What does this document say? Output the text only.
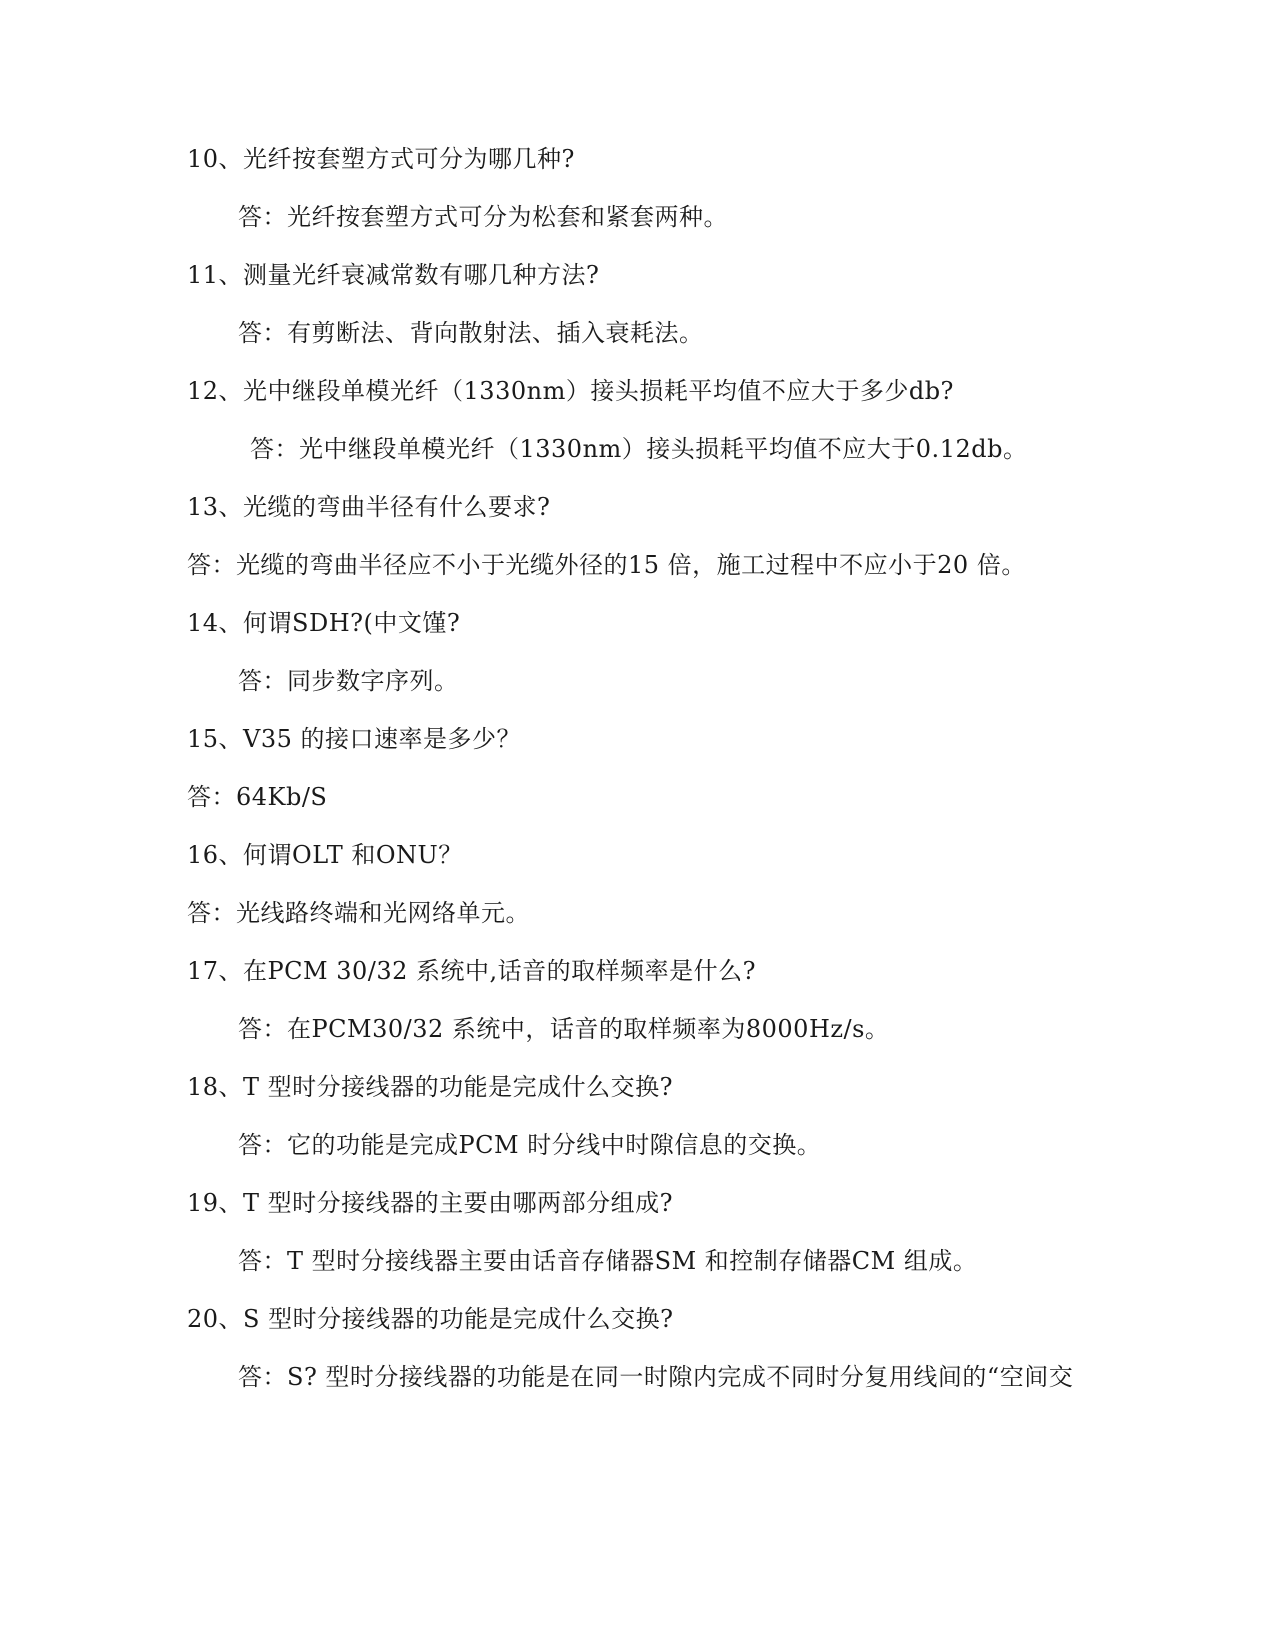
10、光纤按套塑方式可分为哪几种?
答：光纤按套塑方式可分为松套和紧套两种。
11、测量光纤衰减常数有哪几种方法?
答：有剪断法、背向散射法、插入衰耗法。
12、光中继段单模光纤（1330nm）接头损耗平均值不应大于多少db?
答：光中继段单模光纤（1330nm）接头损耗平均值不应大于0.12db。
13、光缆的弯曲半径有什么要求?
答：光缆的弯曲半径应不小于光缆外径的15 倍，施工过程中不应小于20 倍。
14、何谓SDH?(中文馑?
答：同步数字序列。
15、V35 的接口速率是多少？
答：64Kb/S
16、何谓OLT 和ONU？
答：光线路终端和光网络单元。
17、在PCM 30/32 系统中,话音的取样频率是什么?
答：在PCM30/32 系统中，话音的取样频率为8000Hz/s。
18、T 型时分接线器的功能是完成什么交换?
答：它的功能是完成PCM 时分线中时隙信息的交换。
19、T 型时分接线器的主要由哪两部分组成?
答：T 型时分接线器主要由话音存储器SM 和控制存储器CM 组成。
20、S 型时分接线器的功能是完成什么交换?
答：S? 型时分接线器的功能是在同一时隙内完成不同时分复用线间的“空间交
